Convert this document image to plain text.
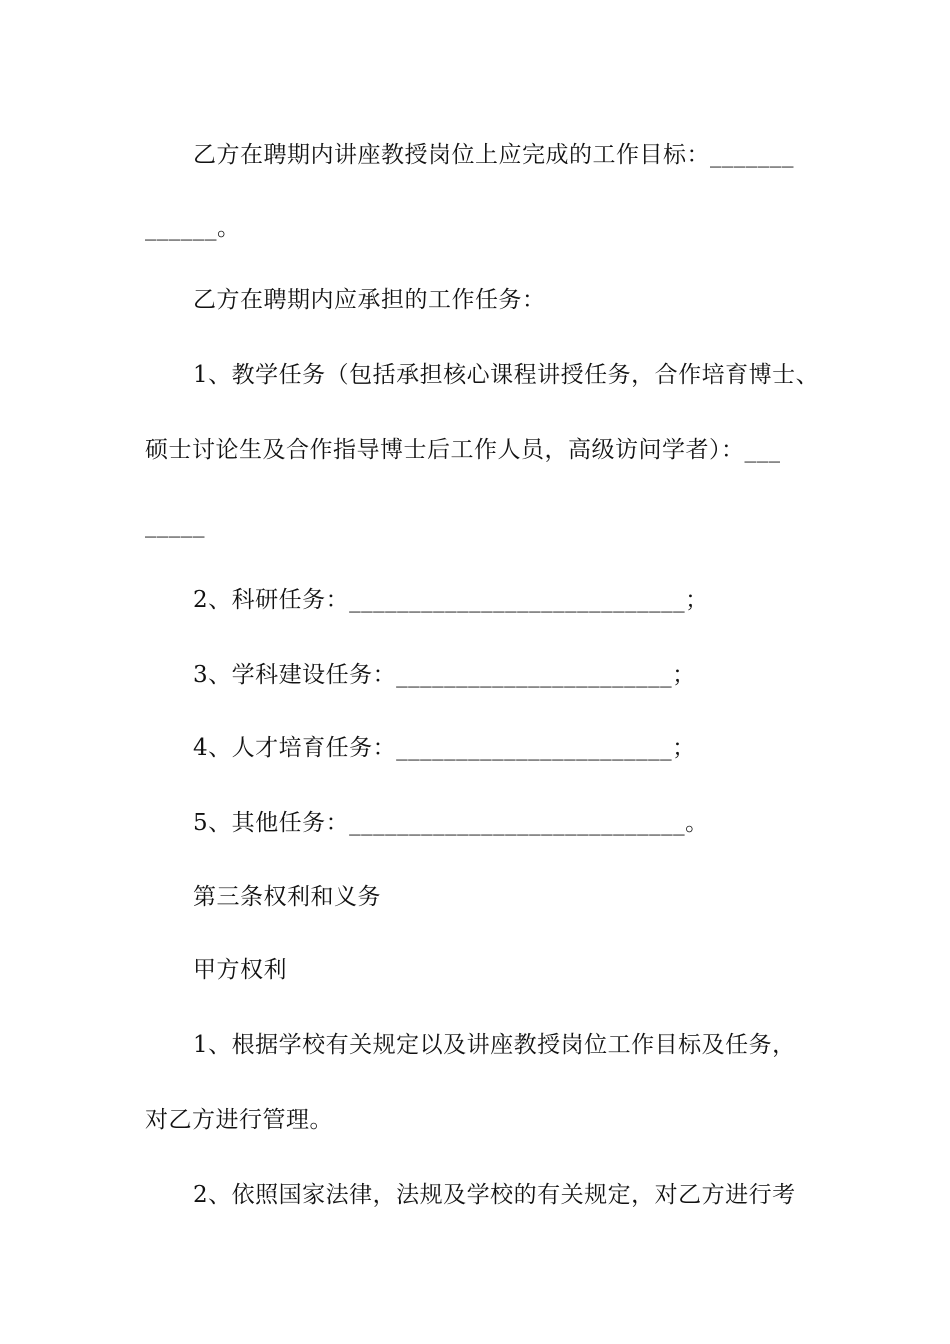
乙方在聘期内讲座教授岗位上应完成的工作目标：_______
______。
乙方在聘期内应承担的工作任务：
1、教学任务（包括承担核心课程讲授任务，合作培育博士、
硕士讨论生及合作指导博士后工作人员，高级访问学者）：___
_____
2、科研任务：____________________________；
3、学科建设任务：_______________________；
4、人才培育任务：_______________________；
5、其他任务：____________________________。
第三条权利和义务
甲方权利
1、根据学校有关规定以及讲座教授岗位工作目标及任务，
对乙方进行管理。
2、依照国家法律，法规及学校的有关规定，对乙方进行考
